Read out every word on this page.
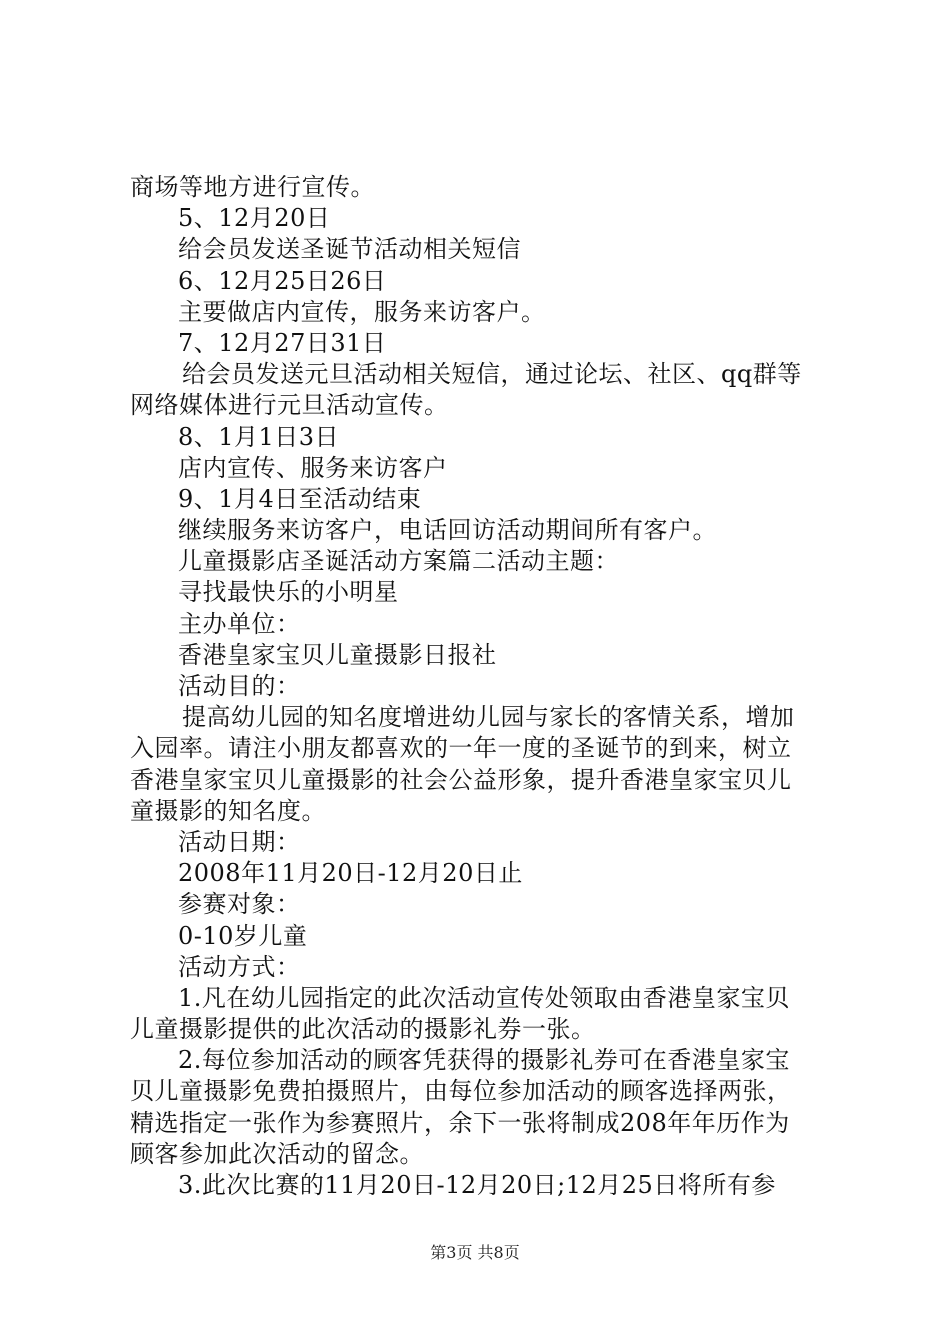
商场等地方进行宣传。
5、12月20日
给会员发送圣诞节活动相关短信
6、12月25日26日
主要做店内宣传，服务来访客户。
7、12月27日31日
给会员发送元旦活动相关短信，通过论坛、社区、qq群等
网络媒体进行元旦活动宣传。
8、1月1日3日
店内宣传、服务来访客户
9、1月4日至活动结束
继续服务来访客户，电话回访活动期间所有客户。
儿童摄影店圣诞活动方案篇二活动主题：
寻找最快乐的小明星
主办单位：
香港皇家宝贝儿童摄影日报社
活动目的：
提高幼儿园的知名度增进幼儿园与家长的客情关系，增加
入园率。请注小朋友都喜欢的一年一度的圣诞节的到来，树立
香港皇家宝贝儿童摄影的社会公益形象，提升香港皇家宝贝儿
童摄影的知名度。
活动日期：
2008年11月20日-12月20日止
参赛对象：
0-10岁儿童
活动方式：
1.凡在幼儿园指定的此次活动宣传处领取由香港皇家宝贝
儿童摄影提供的此次活动的摄影礼券一张。
2.每位参加活动的顾客凭获得的摄影礼券可在香港皇家宝
贝儿童摄影免费拍摄照片，由每位参加活动的顾客选择两张，
精选指定一张作为参赛照片，余下一张将制成208年年历作为
顾客参加此次活动的留念。
3.此次比赛的11月20日-12月20日;12月25日将所有参
第3页 共8页
